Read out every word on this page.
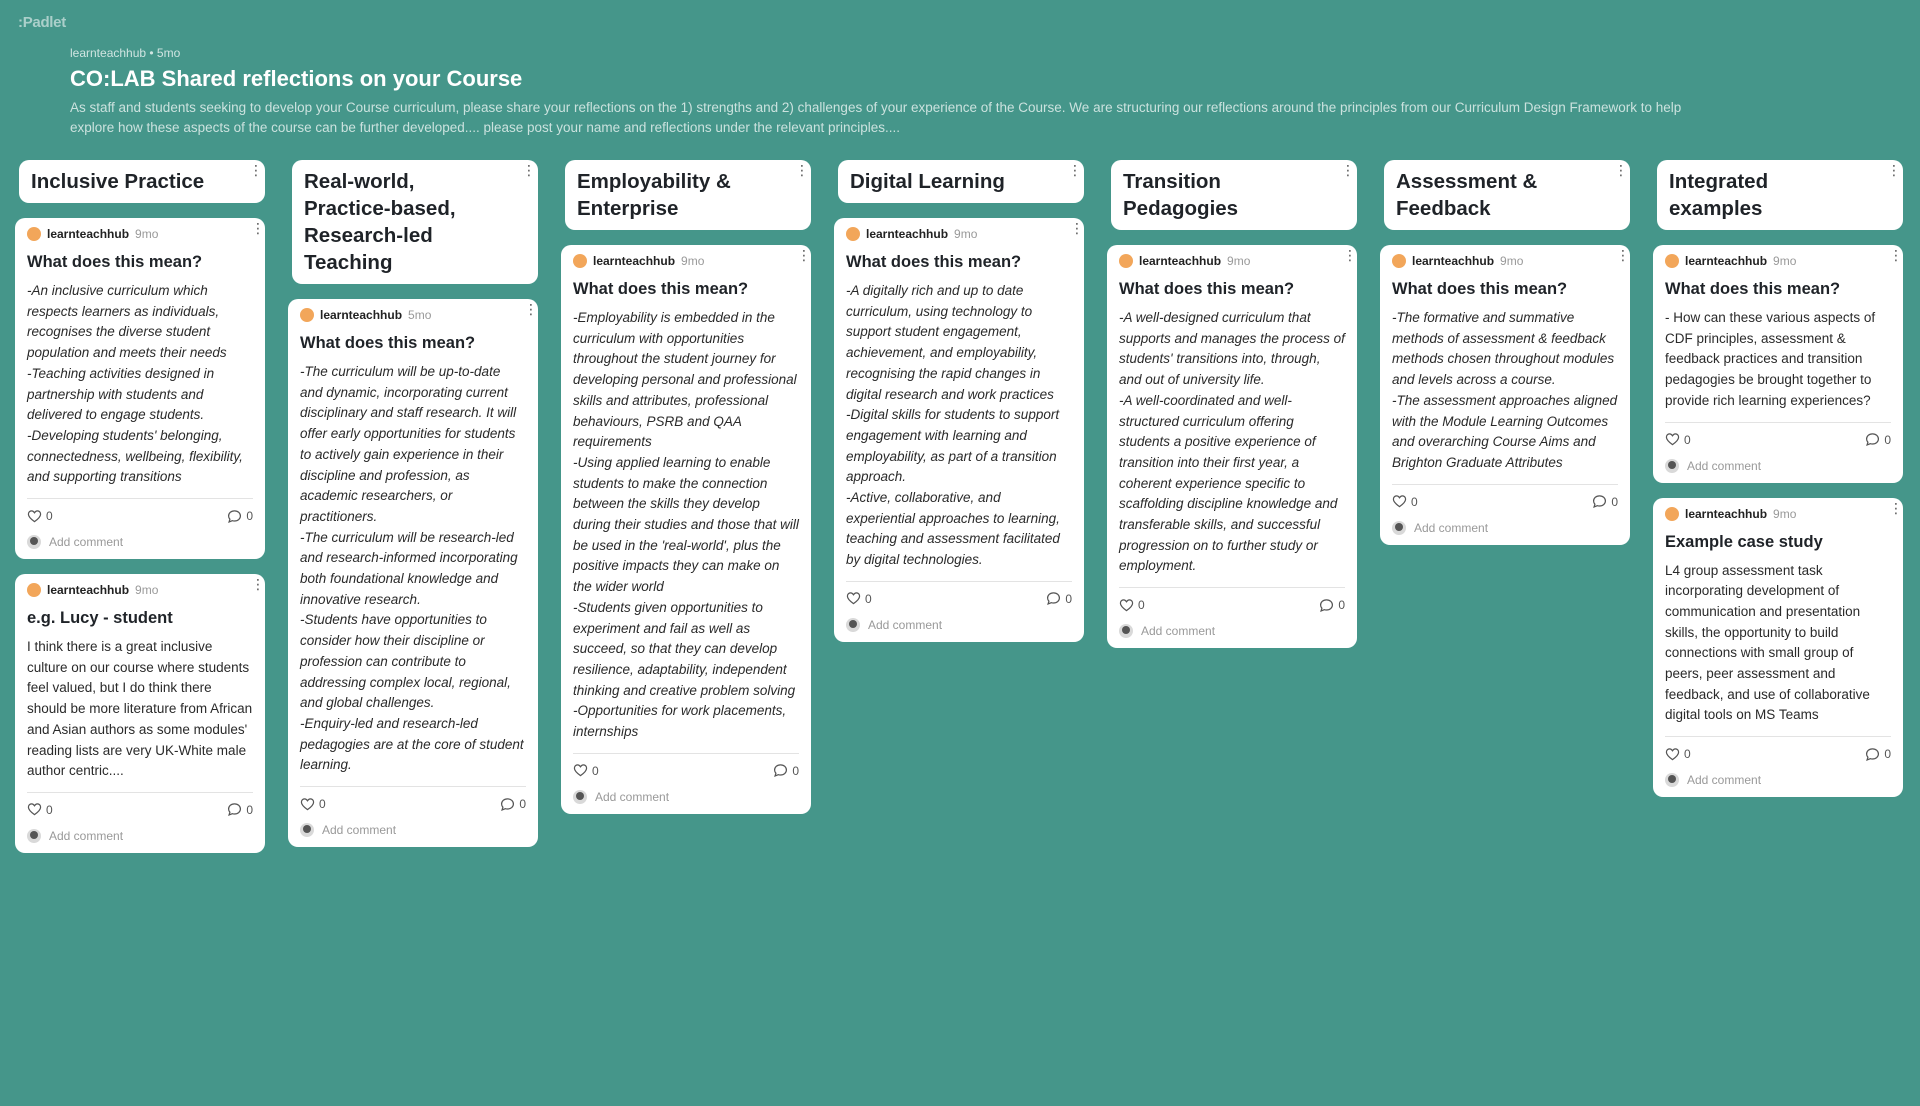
:Padlet
learnteachhub • 5mo
CO:LAB Shared reflections on your Course
As staff and students seeking to develop your Course curriculum, please share your reflections on the 1) strengths and 2) challenges of your experience of the Course. We are structuring our reflections around the principles from our Curriculum Design Framework to help explore how these aspects of the course can be further developed.... please post your name and reflections under the relevant principles....
Inclusive Practice	⋮
⋮
learnteachhub 9mo
What does this mean?
-An inclusive curriculum which respects learners as individuals, recognises the diverse student population and meets their needs
-Teaching activities designed in partnership with students and delivered to engage students.
-Developing students' belonging, connectedness, wellbeing, flexibility, and supporting transitions
0	0
Add comment
⋮
learnteachhub 9mo
e.g. Lucy - student
I think there is a great inclusive culture on our course where students feel valued, but I do think there should be more literature from African and Asian authors as some modules' reading lists are very UK-White male author centric....
0	0
Add comment
Real-world, Practice-based, Research-led Teaching
⋮
⋮
learnteachhub 5mo
What does this mean?
-The curriculum will be up-to-date and dynamic, incorporating current disciplinary and staff research. It will offer early opportunities for students to actively gain experience in their discipline and profession, as academic researchers, or practitioners.
-The curriculum will be research-led and research-informed incorporating both foundational knowledge and innovative research.
-Students have opportunities to consider how their discipline or profession can contribute to addressing complex local, regional, and global challenges.
-Enquiry-led and research-led pedagogies are at the core of student learning.
0	0
Add comment
Employability & Enterprise
⋮
⋮
learnteachhub 9mo
What does this mean?
-Employability is embedded in the curriculum with opportunities throughout the student journey for developing personal and professional skills and attributes, professional behaviours, PSRB and QAA requirements
-Using applied learning to enable students to make the connection between the skills they develop during their studies and those that will be used in the 'real-world', plus the positive impacts they can make on the wider world
-Students given opportunities to experiment and fail as well as succeed, so that they can develop resilience, adaptability, independent thinking and creative problem solving
-Opportunities for work placements, internships
0	0
Add comment
Digital Learning	⋮
⋮
learnteachhub 9mo
What does this mean?
-A digitally rich and up to date curriculum, using technology to support student engagement, achievement, and employability, recognising the rapid changes in digital research and work practices
-Digital skills for students to support engagement with learning and employability, as part of a transition approach.
-Active, collaborative, and experiential approaches to learning, teaching and assessment facilitated by digital technologies.
0	0
Add comment
Transition Pedagogies
⋮
⋮
learnteachhub 9mo
What does this mean?
-A well-designed curriculum that supports and manages the process of students' transitions into, through, and out of university life.
-A well-coordinated and well-structured curriculum offering students a positive experience of transition into their first year, a coherent experience specific to scaffolding discipline knowledge and transferable skills, and successful progression on to further study or employment.
0	0
Add comment
Assessment & Feedback
⋮
⋮
learnteachhub 9mo
What does this mean?
-The formative and summative methods of assessment & feedback methods chosen throughout modules and levels across a course.
-The assessment approaches aligned with the Module Learning Outcomes and overarching Course Aims and Brighton Graduate Attributes
0	0
Add comment
Integrated examples
⋮
⋮
learnteachhub 9mo
What does this mean?
- How can these various aspects of CDF principles, assessment & feedback practices and transition pedagogies be brought together to provide rich learning experiences?
0	0
Add comment
⋮
learnteachhub 9mo
Example case study
L4 group assessment task incorporating development of communication and presentation skills, the opportunity to build connections with small group of peers, peer assessment and feedback, and use of collaborative digital tools on MS Teams
0	0
Add comment
